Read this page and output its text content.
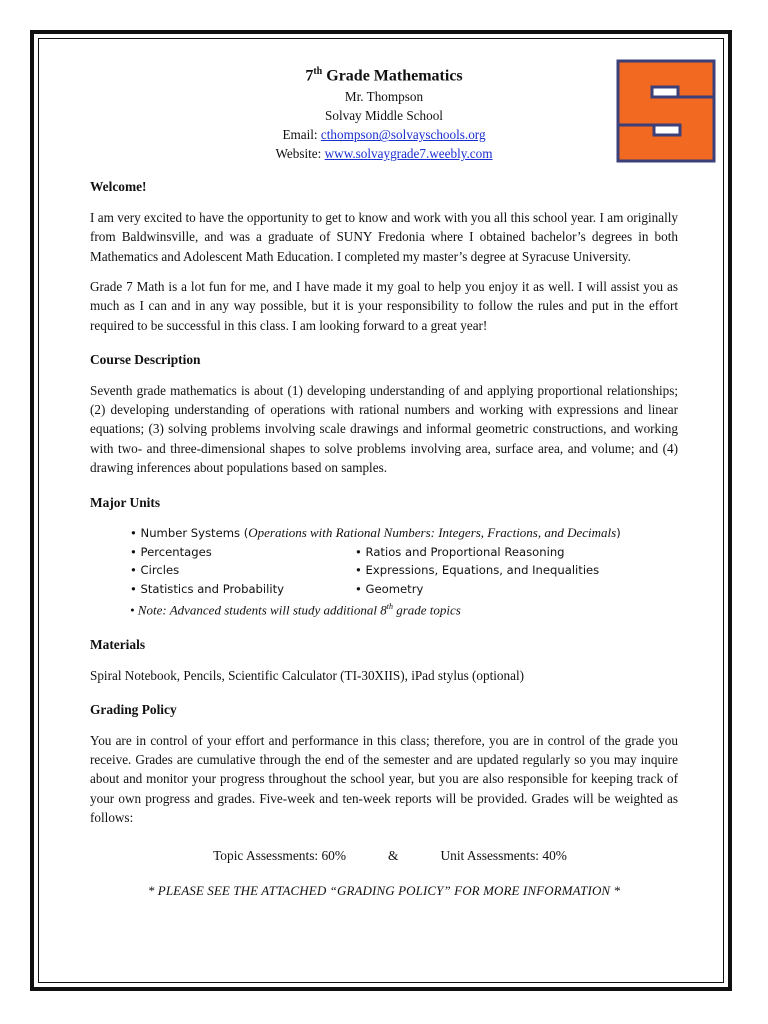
7th Grade Mathematics
Mr. Thompson
Solvay Middle School
Email: cthompson@solvayschools.org
Website: www.solvaygrade7.weebly.com
Welcome!

I am very excited to have the opportunity to get to know and work with you all this school year. I am originally from Baldwinsville, and was a graduate of SUNY Fredonia where I obtained bachelor’s degrees in both Mathematics and Adolescent Math Education. I completed my master’s degree at Syracuse University.

Grade 7 Math is a lot fun for me, and I have made it my goal to help you enjoy it as well. I will assist you as much as I can and in any way possible, but it is your responsibility to follow the rules and put in the effort required to be successful in this class. I am looking forward to a great year!

Course Description

Seventh grade mathematics is about (1) developing understanding of and applying proportional relationships; (2) developing understanding of operations with rational numbers and working with expressions and linear equations; (3) solving problems involving scale drawings and informal geometric constructions, and working with two- and three-dimensional shapes to solve problems involving area, surface area, and volume; and (4) drawing inferences about populations based on samples.

Major Units
• Number Systems (Operations with Rational Numbers: Integers, Fractions, and Decimals)
• Percentages	• Ratios and Proportional Reasoning
• Circles	• Expressions, Equations, and Inequalities
• Statistics and Probability	• Geometry
• Note: Advanced students will study additional 8th grade topics
Materials

Spiral Notebook, Pencils, Scientific Calculator (TI-30XIIS), iPad stylus (optional)

Grading Policy

You are in control of your effort and performance in this class; therefore, you are in control of the grade you receive. Grades are cumulative through the end of the semester and are updated regularly so you may inquire about and monitor your progress throughout the school year, but you are also responsible for keeping track of your own progress and grades. Five-week and ten-week reports will be provided. Grades will be weighted as follows:

Topic Assessments: 60%	&	Unit Assessments: 40%
* PLEASE SEE THE ATTACHED “GRADING POLICY” FOR MORE INFORMATION *
